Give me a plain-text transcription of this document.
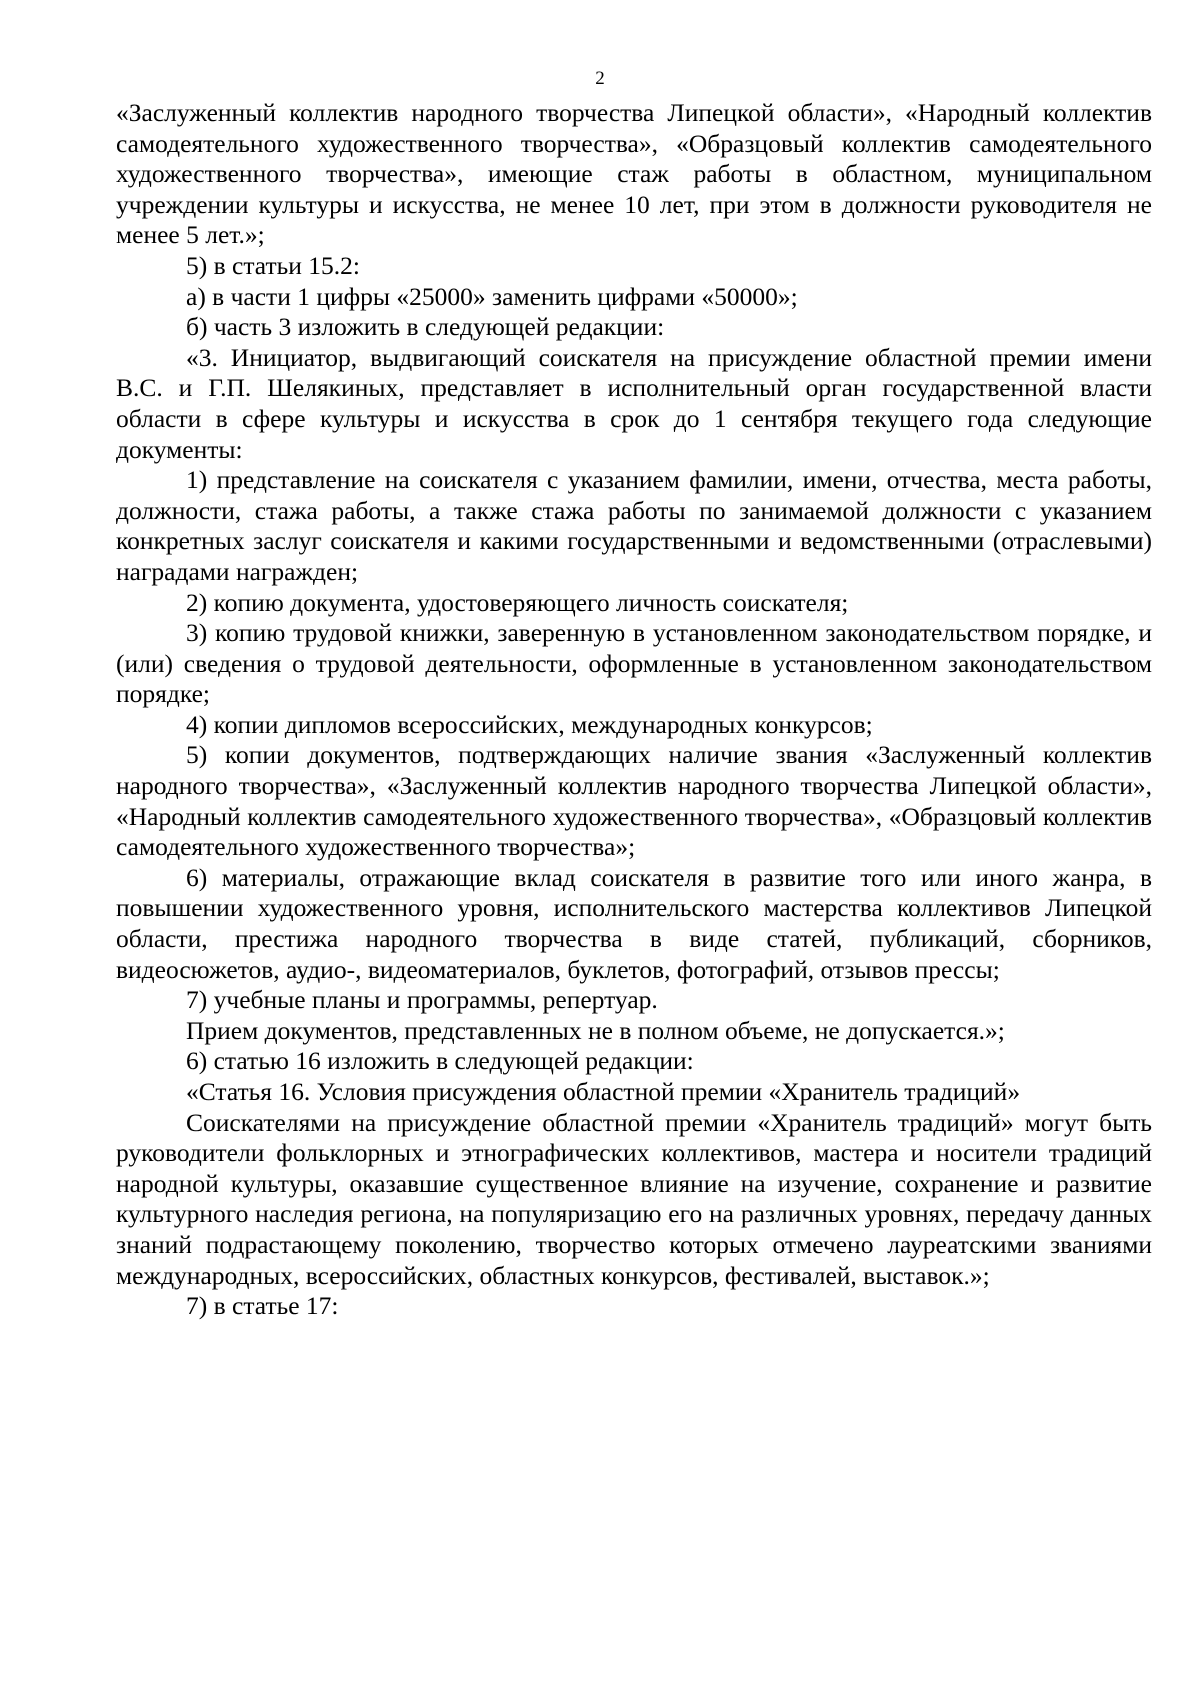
2

«Заслуженный коллектив народного творчества Липецкой области», «Народный коллектив самодеятельного художественного творчества», «Образцовый коллектив самодеятельного художественного творчества», имеющие стаж работы в областном, муниципальном учреждении культуры и искусства, не менее 10 лет, при этом в должности руководителя не менее 5 лет.»;

5) в статьи 15.2:

а) в части 1 цифры «25000» заменить цифрами «50000»;

б) часть 3 изложить в следующей редакции:

«3. Инициатор, выдвигающий соискателя на присуждение областной премии имени В.С. и Г.П. Шелякиных, представляет в исполнительный орган государственной власти области в сфере культуры и искусства в срок до 1 сентября текущего года следующие документы:

1) представление на соискателя с указанием фамилии, имени, отчества, места работы, должности, стажа работы, а также стажа работы по занимаемой должности с указанием конкретных заслуг соискателя и какими государственными и ведомственными (отраслевыми) наградами награжден;

2) копию документа, удостоверяющего личность соискателя;

3) копию трудовой книжки, заверенную в установленном законодательством порядке, и (или) сведения о трудовой деятельности, оформленные в установленном законодательством порядке;

4) копии дипломов всероссийских, международных конкурсов;

5) копии документов, подтверждающих наличие звания «Заслуженный коллектив народного творчества», «Заслуженный коллектив народного творчества Липецкой области», «Народный коллектив самодеятельного художественного творчества», «Образцовый коллектив самодеятельного художественного творчества»;

6) материалы, отражающие вклад соискателя в развитие того или иного жанра, в повышении художественного уровня, исполнительского мастерства коллективов Липецкой области, престижа народного творчества в виде статей, публикаций, сборников, видеосюжетов, аудио-, видеоматериалов, буклетов, фотографий, отзывов прессы;

7) учебные планы и программы, репертуар.

Прием документов, представленных не в полном объеме, не допускается.»;

6) статью 16 изложить в следующей редакции:

«Статья 16. Условия присуждения областной премии «Хранитель традиций»

Соискателями на присуждение областной премии «Хранитель традиций» могут быть руководители фольклорных и этнографических коллективов, мастера и носители традиций народной культуры, оказавшие существенное влияние на изучение, сохранение и развитие культурного наследия региона, на популяризацию его на различных уровнях, передачу данных знаний подрастающему поколению, творчество которых отмечено лауреатскими званиями международных, всероссийских, областных конкурсов, фестивалей, выставок.»;

7) в статье 17:
